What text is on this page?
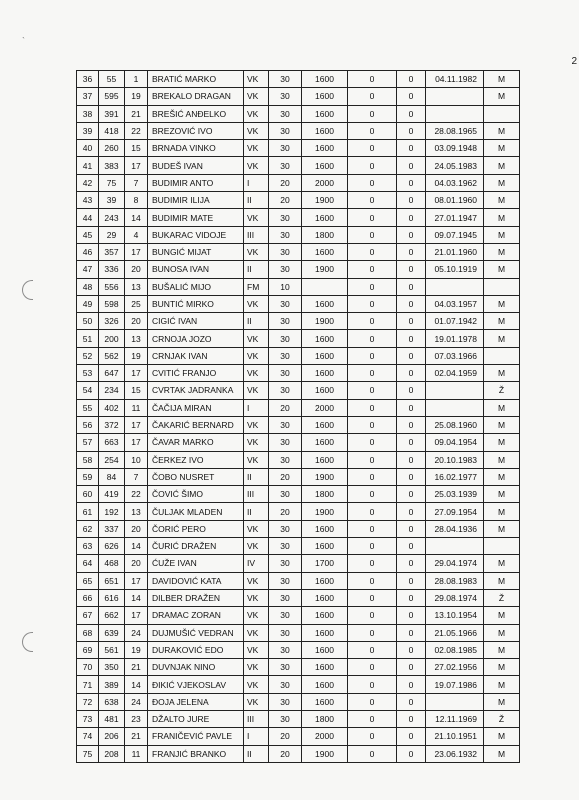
`
2
36	55	1	BRATIĆ MARKO	VK	30	1600	0	0	04.11.1982	M
37	595	19	BREKALO DRAGAN	VK	30	1600	0	0		M
38	391	21	BREŠIĆ ANĐELKO	VK	30	1600	0	0		
39	418	22	BREZOVIĆ IVO	VK	30	1600	0	0	28.08.1965	M
40	260	15	BRNADA VINKO	VK	30	1600	0	0	03.09.1948	M
41	383	17	BUDEŠ IVAN	VK	30	1600	0	0	24.05.1983	M
42	75	7	BUDIMIR ANTO	I	20	2000	0	0	04.03.1962	M
43	39	8	BUDIMIR ILIJA	II	20	1900	0	0	08.01.1960	M
44	243	14	BUDIMIR MATE	VK	30	1600	0	0	27.01.1947	M
45	29	4	BUKARAC VIDOJE	III	30	1800	0	0	09.07.1945	M
46	357	17	BUNGIĆ MIJAT	VK	30	1600	0	0	21.01.1960	M
47	336	20	BUNOSA IVAN	II	30	1900	0	0	05.10.1919	M
48	556	13	BUŠALIĆ MIJO	FM	10		0	0		
49	598	25	BUNTIĆ MIRKO	VK	30	1600	0	0	04.03.1957	M
50	326	20	CIGIĆ IVAN	II	30	1900	0	0	01.07.1942	M
51	200	13	CRNOJA JOZO	VK	30	1600	0	0	19.01.1978	M
52	562	19	CRNJAK IVAN	VK	30	1600	0	0	07.03.1966	
53	647	17	CVITIĆ FRANJO	VK	30	1600	0	0	02.04.1959	M
54	234	15	CVRTAK JADRANKA	VK	30	1600	0	0		Ž
55	402	11	ČAČIJA MIRAN	I	20	2000	0	0		M
56	372	17	ČAKARIĆ BERNARD	VK	30	1600	0	0	25.08.1960	M
57	663	17	ČAVAR MARKO	VK	30	1600	0	0	09.04.1954	M
58	254	10	ČERKEZ IVO	VK	30	1600	0	0	20.10.1983	M
59	84	7	ČOBO NUSRET	II	20	1900	0	0	16.02.1977	M
60	419	22	ČOVIĆ ŠIMO	III	30	1800	0	0	25.03.1939	M
61	192	13	ČULJAK MLADEN	II	20	1900	0	0	27.09.1954	M
62	337	20	ČORIĆ PERO	VK	30	1600	0	0	28.04.1936	M
63	626	14	ČURIĆ DRAŽEN	VK	30	1600	0	0		
64	468	20	ĆUŽE IVAN	IV	30	1700	0	0	29.04.1974	M
65	651	17	DAVIDOVIĆ KATA	VK	30	1600	0	0	28.08.1983	M
66	616	14	DILBER DRAŽEN	VK	30	1600	0	0	29.08.1974	Ž
67	662	17	DRAMAC ZORAN	VK	30	1600	0	0	13.10.1954	M
68	639	24	DUJMUŠIĆ VEDRAN	VK	30	1600	0	0	21.05.1966	M
69	561	19	DURAKOVIĆ EDO	VK	30	1600	0	0	02.08.1985	M
70	350	21	DUVNJAK NINO	VK	30	1600	0	0	27.02.1956	M
71	389	14	ĐIKIĆ VJEKOSLAV	VK	30	1600	0	0	19.07.1986	M
72	638	24	ĐOJA JELENA	VK	30	1600	0	0		M
73	481	23	DŽALTO JURE	III	30	1800	0	0	12.11.1969	Ž
74	206	21	FRANIČEVIĆ PAVLE	I	20	2000	0	0	21.10.1951	M
75	208	11	FRANJIĆ BRANKO	II	20	1900	0	0	23.06.1932	M
